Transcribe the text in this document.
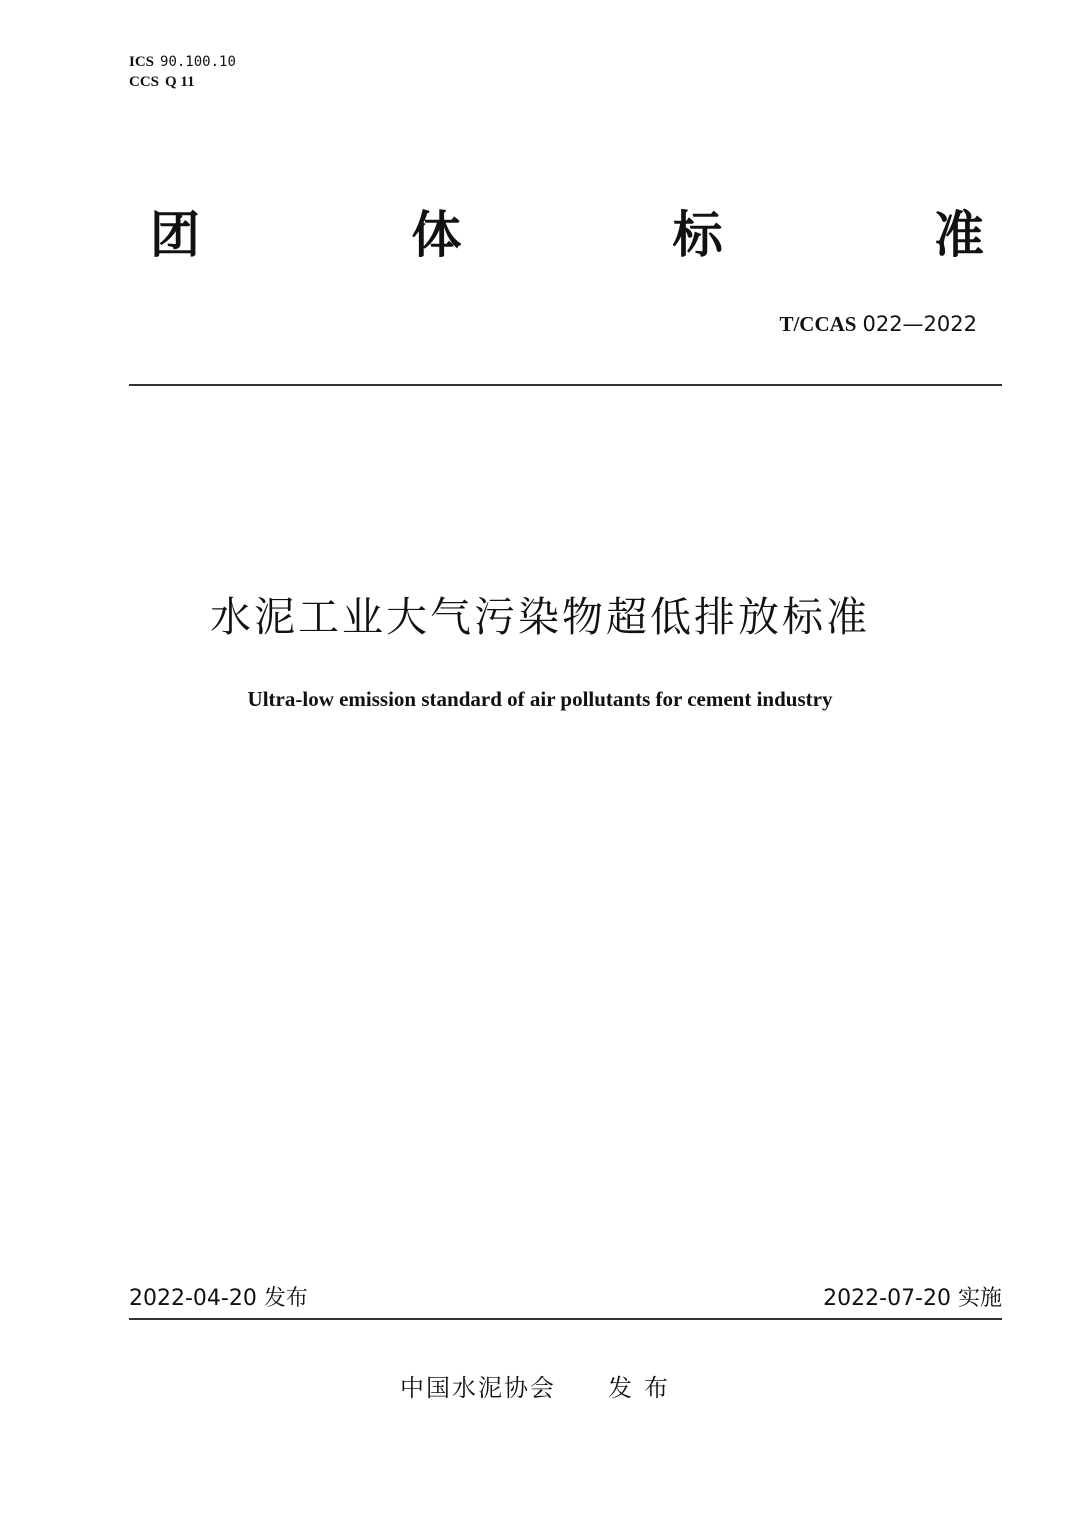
ICS 90.100.10
CCS Q 11
团	体	标	准
T/CCAS 022—2022
水泥工业大气污染物超低排放标准
Ultra-low emission standard of air pollutants for cement industry
2022-04-20 发布	2022-07-20 实施
中国水泥协会 发布
